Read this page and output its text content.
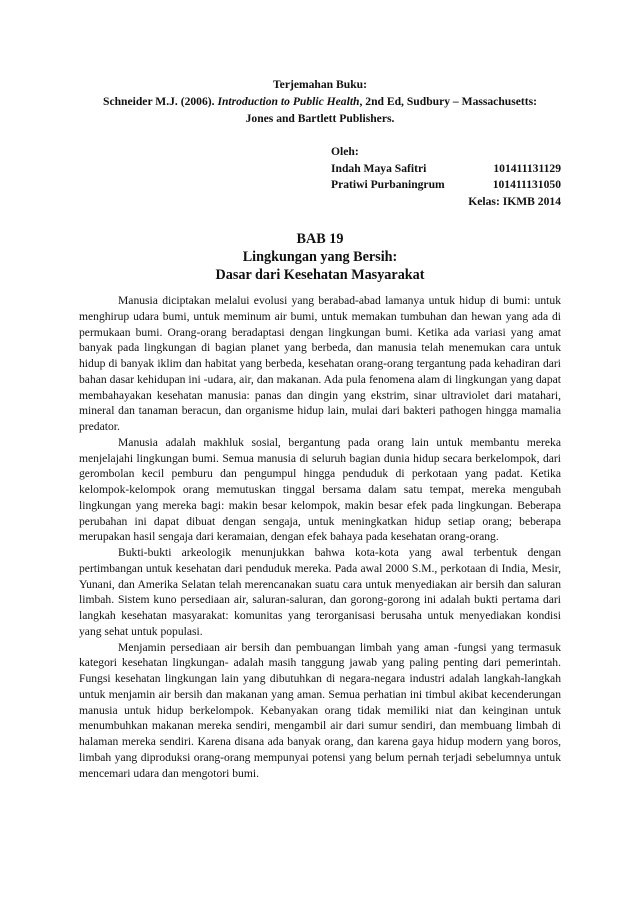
Terjemahan Buku:
Schneider M.J. (2006). Introduction to Public Health, 2nd Ed, Sudbury – Massachusetts:
Jones and Bartlett Publishers.
Oleh:
Indah Maya Safitri	101411131129
Pratiwi Purbaningrum	101411131050
Kelas: IKMB 2014
BAB 19
Lingkungan yang Bersih:
Dasar dari Kesehatan Masyarakat

Manusia diciptakan melalui evolusi yang berabad-abad lamanya untuk hidup di bumi: untuk menghirup udara bumi, untuk meminum air bumi, untuk memakan tumbuhan dan hewan yang ada di permukaan bumi. Orang-orang beradaptasi dengan lingkungan bumi. Ketika ada variasi yang amat banyak pada lingkungan di bagian planet yang berbeda, dan manusia telah menemukan cara untuk hidup di banyak iklim dan habitat yang berbeda, kesehatan orang-orang tergantung pada kehadiran dari bahan dasar kehidupan ini -udara, air, dan makanan. Ada pula fenomena alam di lingkungan yang dapat membahayakan kesehatan manusia: panas dan dingin yang ekstrim, sinar ultraviolet dari matahari, mineral dan tanaman beracun, dan organisme hidup lain, mulai dari bakteri pathogen hingga mamalia predator.

Manusia adalah makhluk sosial, bergantung pada orang lain untuk membantu mereka menjelajahi lingkungan bumi. Semua manusia di seluruh bagian dunia hidup secara berkelompok, dari gerombolan kecil pemburu dan pengumpul hingga penduduk di perkotaan yang padat. Ketika kelompok-kelompok orang memutuskan tinggal bersama dalam satu tempat, mereka mengubah lingkungan yang mereka bagi: makin besar kelompok, makin besar efek pada lingkungan. Beberapa perubahan ini dapat dibuat dengan sengaja, untuk meningkatkan hidup setiap orang; beberapa merupakan hasil sengaja dari keramaian, dengan efek bahaya pada kesehatan orang-orang.

Bukti-bukti arkeologik menunjukkan bahwa kota-kota yang awal terbentuk dengan pertimbangan untuk kesehatan dari penduduk mereka. Pada awal 2000 S.M., perkotaan di India, Mesir, Yunani, dan Amerika Selatan telah merencanakan suatu cara untuk menyediakan air bersih dan saluran limbah. Sistem kuno persediaan air, saluran-saluran, dan gorong-gorong ini adalah bukti pertama dari langkah kesehatan masyarakat: komunitas yang terorganisasi berusaha untuk menyediakan kondisi yang sehat untuk populasi.

Menjamin persediaan air bersih dan pembuangan limbah yang aman -fungsi yang termasuk kategori kesehatan lingkungan- adalah masih tanggung jawab yang paling penting dari pemerintah. Fungsi kesehatan lingkungan lain yang dibutuhkan di negara-negara industri adalah langkah-langkah untuk menjamin air bersih dan makanan yang aman. Semua perhatian ini timbul akibat kecenderungan manusia untuk hidup berkelompok. Kebanyakan orang tidak memiliki niat dan keinginan untuk menumbuhkan makanan mereka sendiri, mengambil air dari sumur sendiri, dan membuang limbah di halaman mereka sendiri. Karena disana ada banyak orang, dan karena gaya hidup modern yang boros, limbah yang diproduksi orang-orang mempunyai potensi yang belum pernah terjadi sebelumnya untuk mencemari udara dan mengotori bumi.
